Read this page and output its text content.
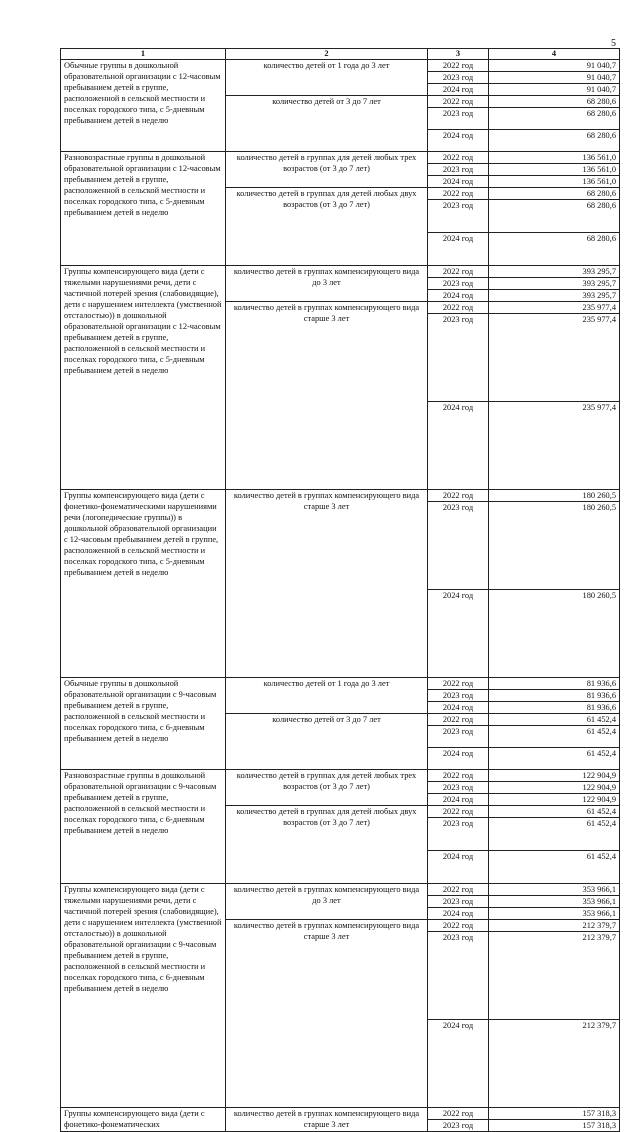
5
1	2	3	4
Обычные группы в дошкольной образовательной организации с 12-часовым пребыванием детей в группе, расположенной в сельской местности и поселках городского типа, с 5-дневным пребыванием детей в неделю	количество детей от 1 года до 3 лет	2022 год	91 040,7
		2023 год	91 040,7
		2024 год	91 040,7
	количество детей от 3 до 7 лет	2022 год	68 280,6
		2023 год	68 280,6
		2024 год	68 280,6
Разновозрастные группы в дошкольной образовательной организации с 12-часовым пребыванием детей в группе, расположенной в сельской местности и поселках городского типа, с 5-дневным пребыванием детей в неделю	количество детей в группах для детей любых трех возрастов (от 3 до 7 лет)	2022 год	136 561,0
		2023 год	136 561,0
		2024 год	136 561,0
	количество детей в группах для детей любых двух возрастов (от 3 до 7 лет)	2022 год	68 280,6
		2023 год	68 280,6
		2024 год	68 280,6
Группы компенсирующего вида (дети с тяжелыми нарушениями речи, дети с частичной потерей зрения (слабовидящие), дети с нарушением интеллекта (умственной отсталостью)) в дошкольной образовательной организации с 12-часовым пребыванием детей в группе, расположенной в сельской местности и поселках городского типа, с 5-дневным пребыванием детей в неделю	количество детей в группах компенсирующего вида до 3 лет	2022 год	393 295,7
		2023 год	393 295,7
		2024 год	393 295,7
	количество детей в группах компенсирующего вида старше 3 лет	2022 год	235 977,4
		2023 год	235 977,4
		2024 год	235 977,4
Группы компенсирующего вида (дети с фонетико-фонематическими нарушениями речи (логопедические группы)) в дошкольной образовательной организации с 12-часовым пребыванием детей в группе, расположенной в сельской местности и поселках городского типа, с 5-дневным пребыванием детей в неделю	количество детей в группах компенсирующего вида старше 3 лет	2022 год	180 260,5
		2023 год	180 260,5
		2024 год	180 260,5
Обычные группы в дошкольной образовательной организации с 9-часовым пребыванием детей в группе, расположенной в сельской местности и поселках городского типа, с 6-дневным пребыванием детей в неделю	количество детей от 1 года до 3 лет	2022 год	81 936,6
		2023 год	81 936,6
		2024 год	81 936,6
	количество детей от 3 до 7 лет	2022 год	61 452,4
		2023 год	61 452,4
		2024 год	61 452,4
Разновозрастные группы в дошкольной образовательной организации с 9-часовым пребыванием детей в группе, расположенной в сельской местности и поселках городского типа, с 6-дневным пребыванием детей в неделю	количество детей в группах для детей любых трех возрастов (от 3 до 7 лет)	2022 год	122 904,9
		2023 год	122 904,9
		2024 год	122 904,9
	количество детей в группах для детей любых двух возрастов (от 3 до 7 лет)	2022 год	61 452,4
		2023 год	61 452,4
		2024 год	61 452,4
Группы компенсирующего вида (дети с тяжелыми нарушениями речи, дети с частичной потерей зрения (слабовидящие), дети с нарушением интеллекта (умственной отсталостью)) в дошкольной образовательной организации с 9-часовым пребыванием детей в группе, расположенной в сельской местности и поселках городского типа, с 6-дневным пребыванием детей в неделю	количество детей в группах компенсирующего вида до 3 лет	2022 год	353 966,1
		2023 год	353 966,1
		2024 год	353 966,1
	количество детей в группах компенсирующего вида старше 3 лет	2022 год	212 379,7
		2023 год	212 379,7
		2024 год	212 379,7
Группы компенсирующего вида (дети с фонетико-фонематических	количество детей в группах компенсирующего вида старше 3 лет	2022 год	157 318,3
		2023 год	157 318,3
